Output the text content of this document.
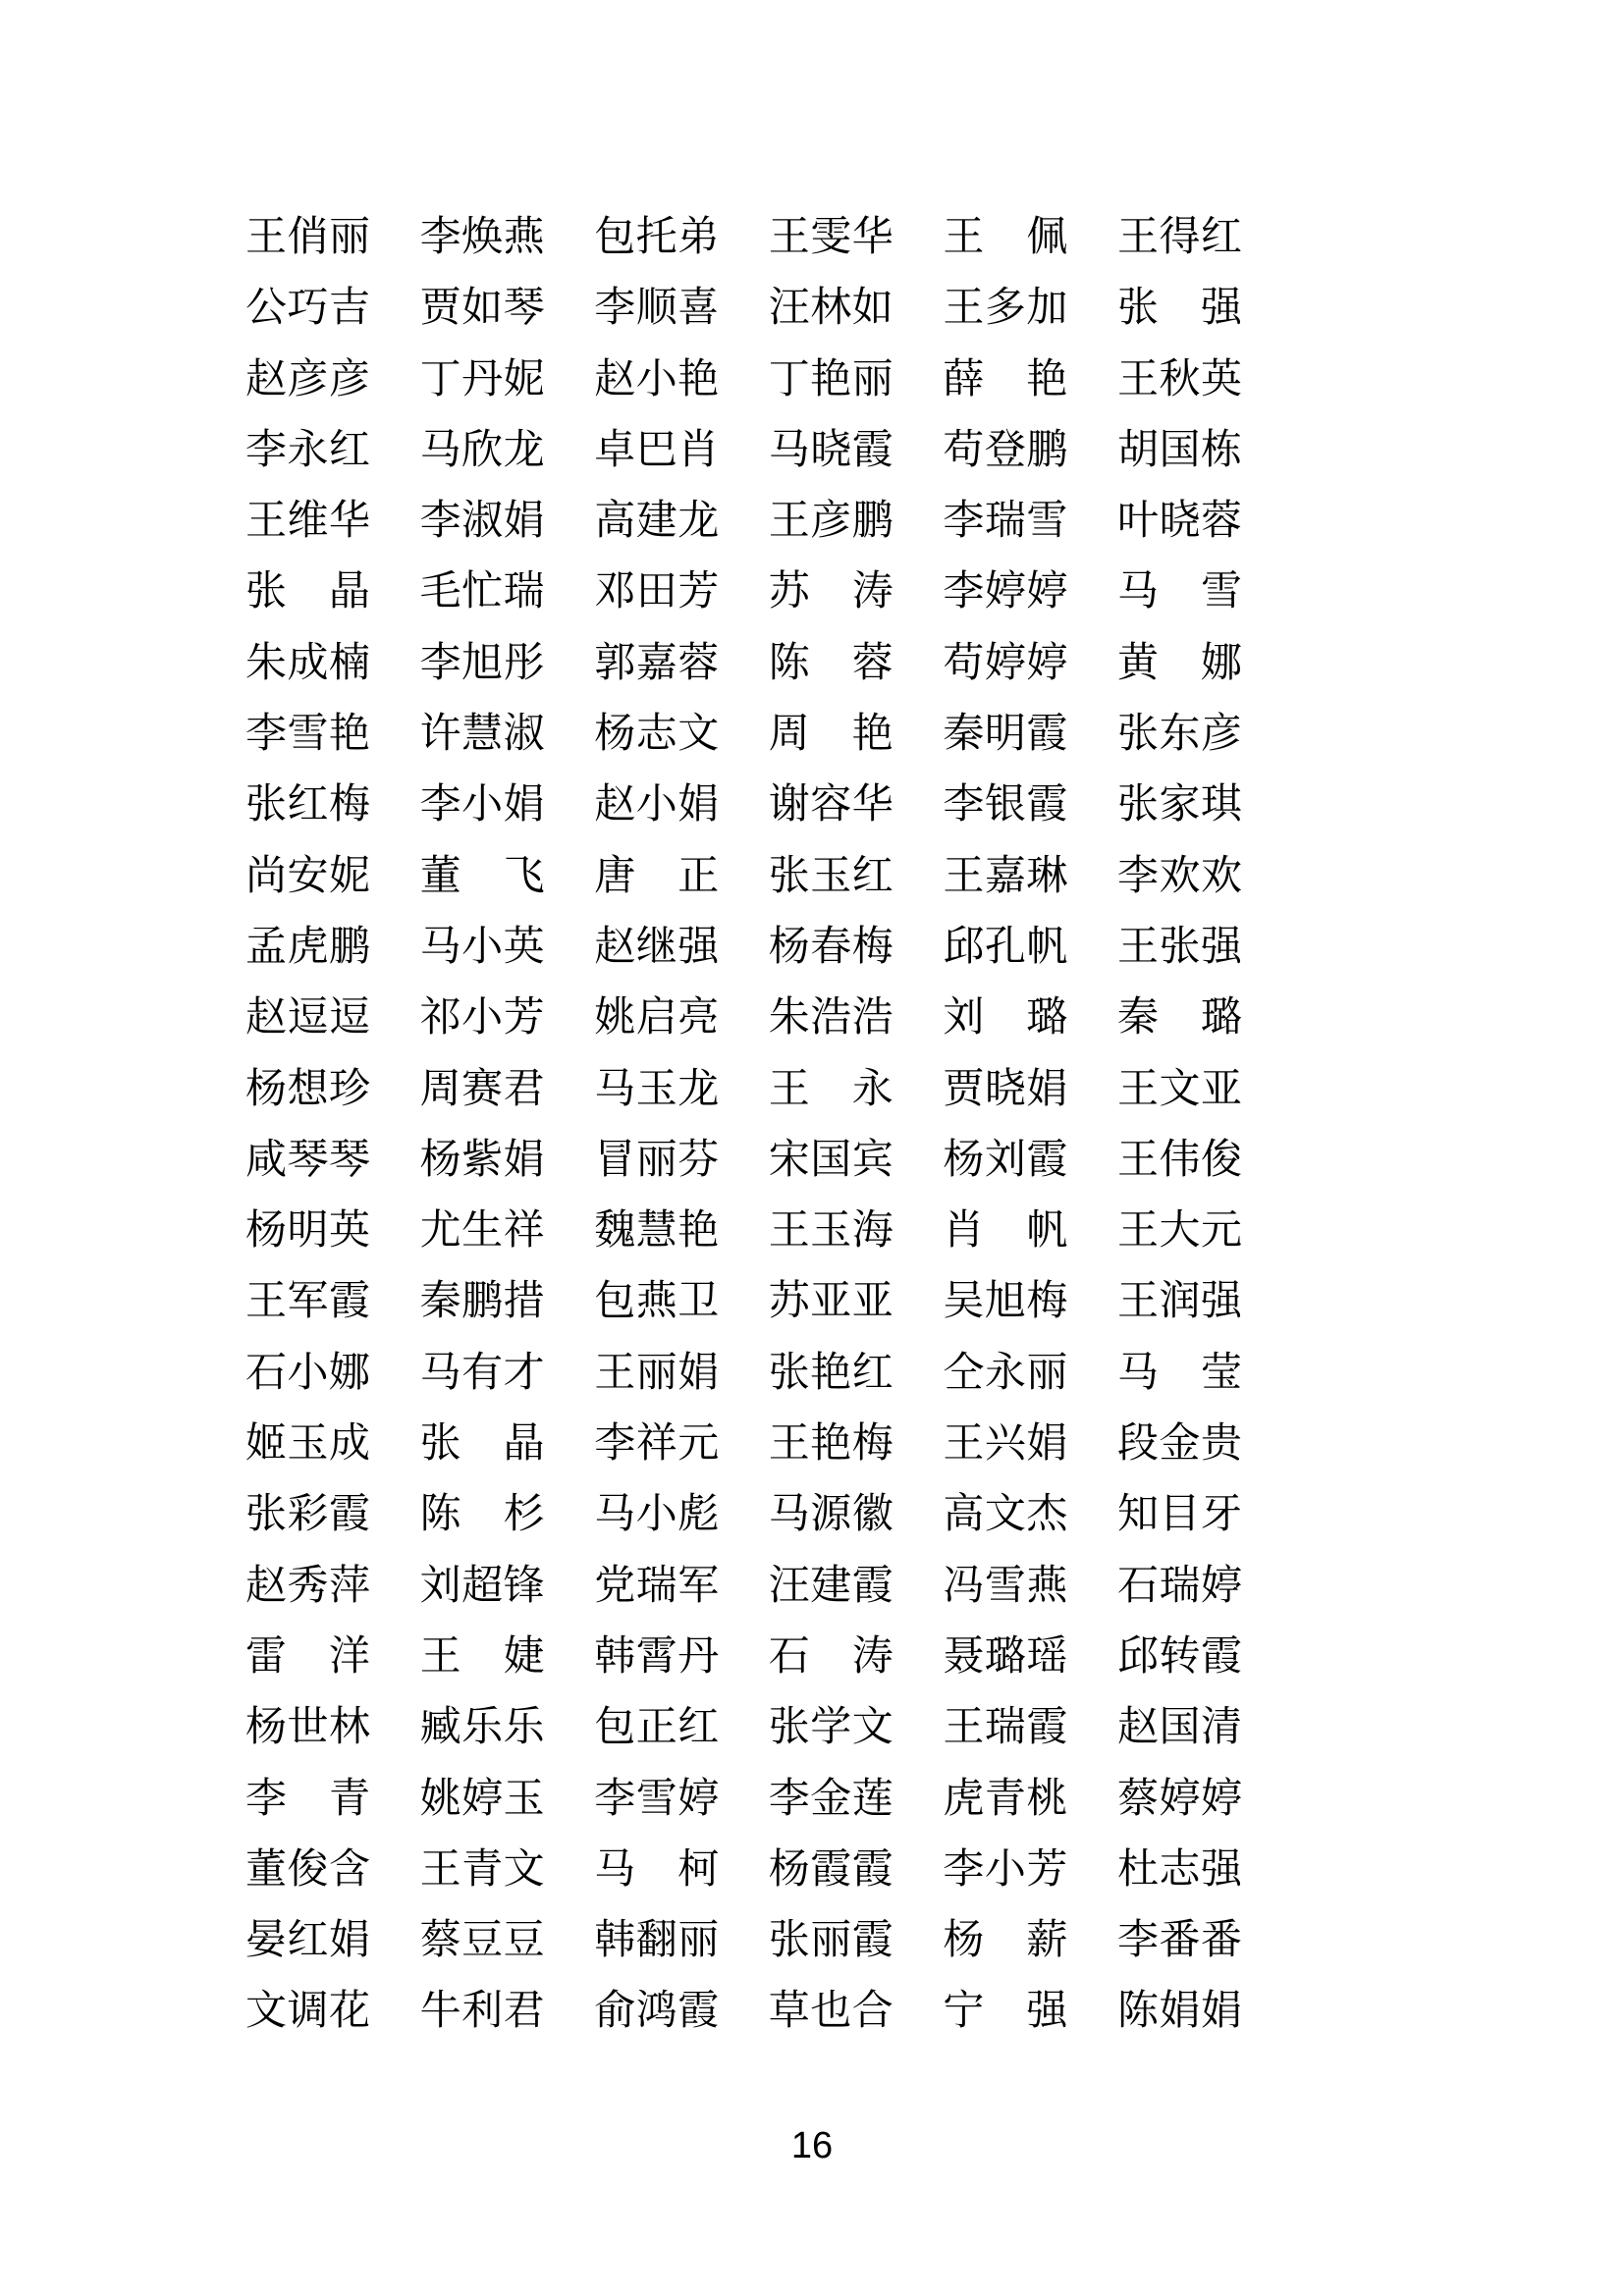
王俏丽 李焕燕 包托弟 王雯华 王　佩 王得红
公巧吉 贾如琴 李顺喜 汪林如 王多加 张　强
赵彦彦 丁丹妮 赵小艳 丁艳丽 薛　艳 王秋英
李永红 马欣龙 卓巴肖 马晓霞 苟登鹏 胡国栋
王维华 李淑娟 高建龙 王彦鹏 李瑞雪 叶晓蓉
张　晶 毛忙瑞 邓田芳 苏　涛 李婷婷 马　雪
朱成楠 李旭彤 郭嘉蓉 陈　蓉 苟婷婷 黄　娜
李雪艳 许慧淑 杨志文 周　艳 秦明霞 张东彦
张红梅 李小娟 赵小娟 谢容华 李银霞 张家琪
尚安妮 董　飞 唐　正 张玉红 王嘉琳 李欢欢
孟虎鹏 马小英 赵继强 杨春梅 邱孔帆 王张强
赵逗逗 祁小芳 姚启亮 朱浩浩 刘　璐 秦　璐
杨想珍 周赛君 马玉龙 王　永 贾晓娟 王文亚
咸琴琴 杨紫娟 冒丽芬 宋国宾 杨刘霞 王伟俊
杨明英 尤生祥 魏慧艳 王玉海 肖　帆 王大元
王军霞 秦鹏措 包燕卫 苏亚亚 吴旭梅 王润强
石小娜 马有才 王丽娟 张艳红 仝永丽 马　莹
姬玉成 张　晶 李祥元 王艳梅 王兴娟 段金贵
张彩霞 陈　杉 马小彪 马源徽 高文杰 知目牙
赵秀萍 刘超锋 党瑞军 汪建霞 冯雪燕 石瑞婷
雷　洋 王　婕 韩霄丹 石　涛 聂璐瑶 邱转霞
杨世林 臧乐乐 包正红 张学文 王瑞霞 赵国清
李　青 姚婷玉 李雪婷 李金莲 虎青桃 蔡婷婷
董俊含 王青文 马　柯 杨霞霞 李小芳 杜志强
晏红娟 蔡豆豆 韩翻丽 张丽霞 杨　薪 李番番
文调花 牛利君 俞鸿霞 草也合 宁　强 陈娟娟
16
